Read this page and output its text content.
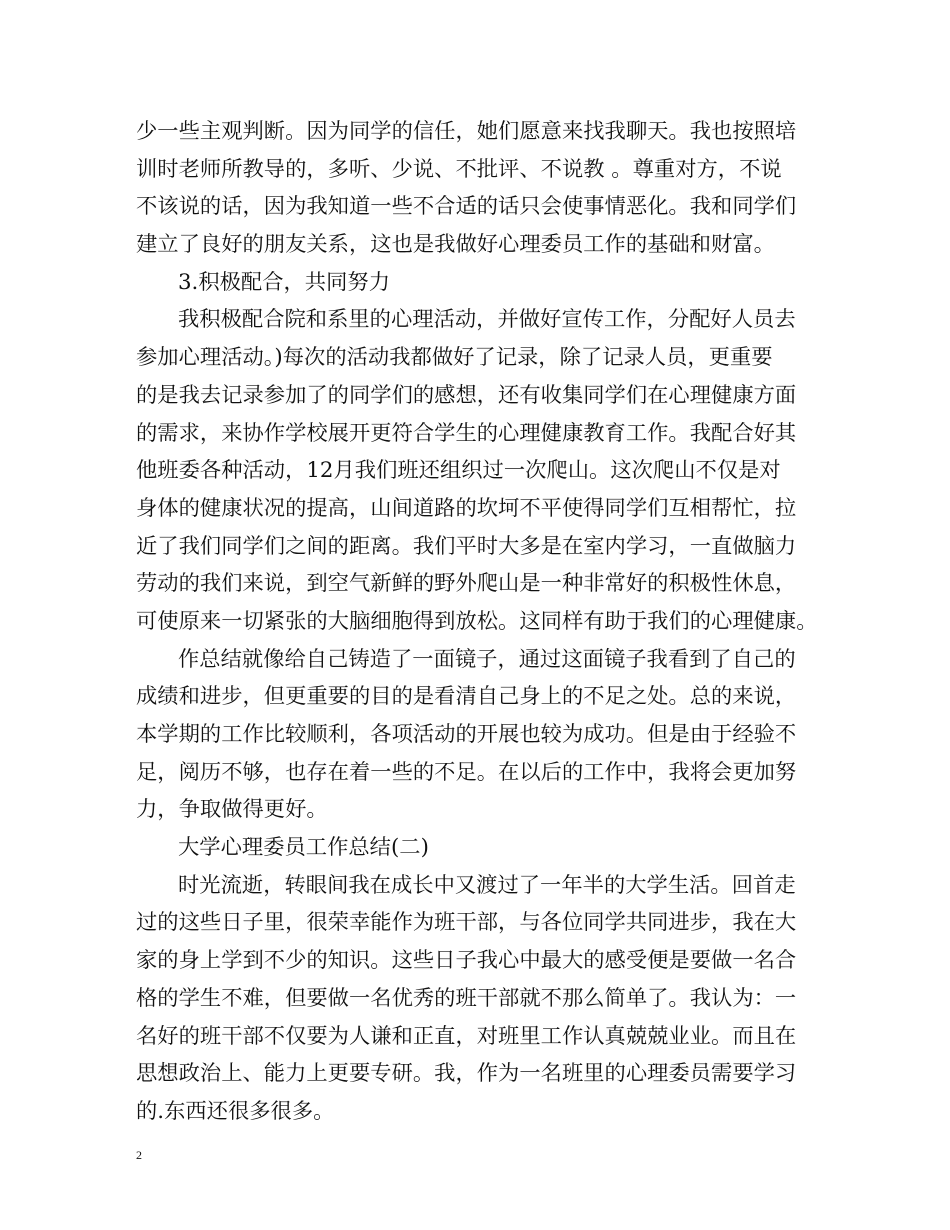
少一些主观判断。因为同学的信任，她们愿意来找我聊天。我也按照培
训时老师所教导的，多听、少说、不批评、不说教 。尊重对方，不说
不该说的话，因为我知道一些不合适的话只会使事情恶化。我和同学们
建立了良好的朋友关系，这也是我做好心理委员工作的基础和财富。
3.积极配合，共同努力
我积极配合院和系里的心理活动，并做好宣传工作，分配好人员去
参加心理活动。)每次的活动我都做好了记录，除了记录人员，更重要
的是我去记录参加了的同学们的感想，还有收集同学们在心理健康方面
的需求，来协作学校展开更符合学生的心理健康教育工作。我配合好其
他班委各种活动，12月我们班还组织过一次爬山。这次爬山不仅是对
身体的健康状况的提高，山间道路的坎坷不平使得同学们互相帮忙，拉
近了我们同学们之间的距离。我们平时大多是在室内学习，一直做脑力
劳动的我们来说，到空气新鲜的野外爬山是一种非常好的积极性休息，
可使原来一切紧张的大脑细胞得到放松。这同样有助于我们的心理健康。
作总结就像给自己铸造了一面镜子，通过这面镜子我看到了自己的
成绩和进步，但更重要的目的是看清自己身上的不足之处。总的来说，
本学期的工作比较顺利，各项活动的开展也较为成功。但是由于经验不
足，阅历不够，也存在着一些的不足。在以后的工作中，我将会更加努
力，争取做得更好。
大学心理委员工作总结(二)
时光流逝，转眼间我在成长中又渡过了一年半的大学生活。回首走
过的这些日子里，很荣幸能作为班干部，与各位同学共同进步，我在大
家的身上学到不少的知识。这些日子我心中最大的感受便是要做一名合
格的学生不难，但要做一名优秀的班干部就不那么简单了。我认为：一
名好的班干部不仅要为人谦和正直，对班里工作认真兢兢业业。而且在
思想政治上、能力上更要专研。我，作为一名班里的心理委员需要学习
的.东西还很多很多。
2
